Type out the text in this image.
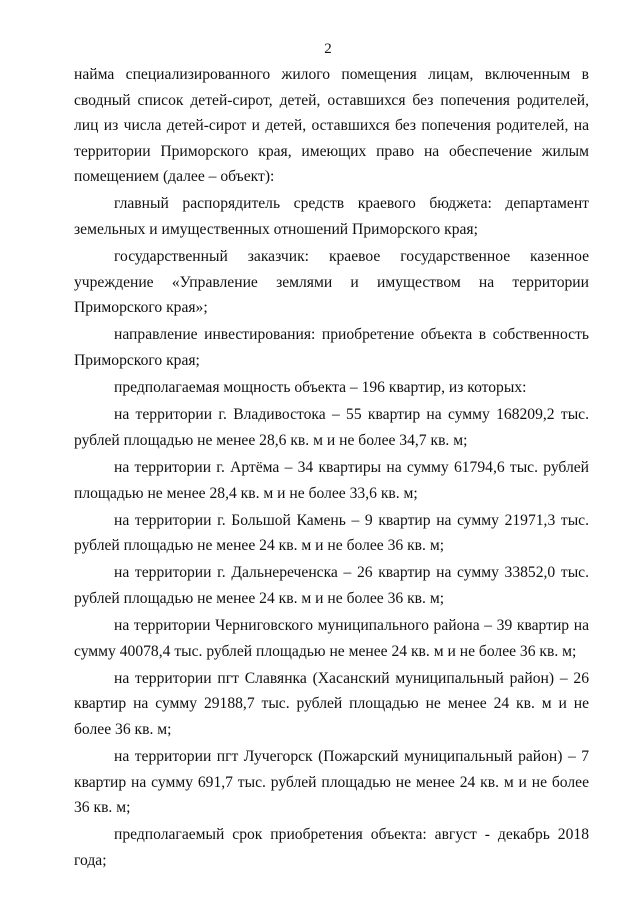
2

найма специализированного жилого помещения лицам, включенным в сводный список детей-сирот, детей, оставшихся без попечения родителей, лиц из числа детей-сирот и детей, оставшихся без попечения родителей, на территории Приморского края, имеющих право на обеспечение жилым помещением (далее – объект):

главный распорядитель средств краевого бюджета: департамент земельных и имущественных отношений Приморского края;

государственный заказчик: краевое государственное казенное учреждение «Управление землями и имуществом на территории Приморского края»;

направление инвестирования: приобретение объекта в собственность Приморского края;

предполагаемая мощность объекта – 196 квартир, из которых:

на территории г. Владивостока – 55 квартир на сумму 168209,2 тыс. рублей площадью не менее 28,6 кв. м и не более 34,7 кв. м;

на территории г. Артёма – 34 квартиры на сумму 61794,6 тыс. рублей площадью не менее 28,4 кв. м и не более 33,6 кв. м;

на территории г. Большой Камень – 9 квартир на сумму 21971,3 тыс. рублей площадью не менее 24 кв. м и не более 36 кв. м;

на территории г. Дальнереченска – 26 квартир на сумму 33852,0 тыс. рублей площадью не менее 24 кв. м и не более 36 кв. м;

на территории Черниговского муниципального района – 39 квартир на сумму 40078,4 тыс. рублей площадью не менее 24 кв. м и не более 36 кв. м;

на территории пгт Славянка (Хасанский муниципальный район) – 26 квартир на сумму 29188,7 тыс. рублей площадью не менее 24 кв. м и не более 36 кв. м;

на территории пгт Лучегорск (Пожарский муниципальный район) – 7 квартир на сумму 691,7 тыс. рублей площадью не менее 24 кв. м и не более 36 кв. м;

предполагаемый срок приобретения объекта: август - декабрь 2018 года;
